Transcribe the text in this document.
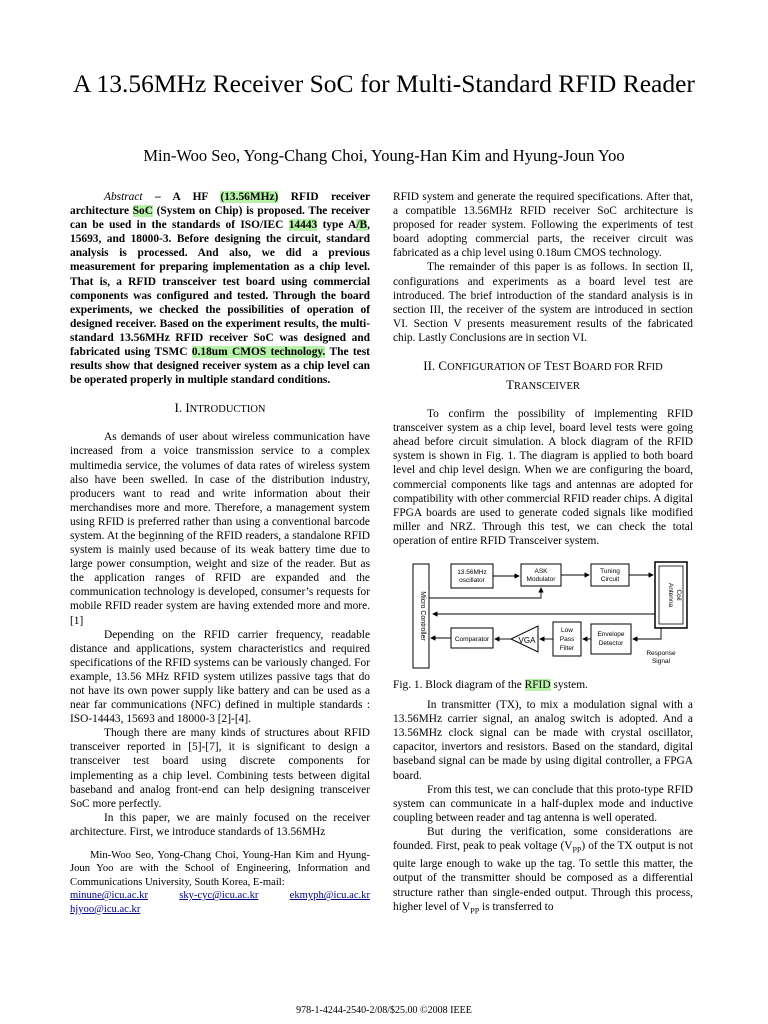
A 13.56MHz Receiver SoC for Multi-Standard RFID Reader
Min-Woo Seo, Yong-Chang Choi, Young-Han Kim and Hyung-Joun Yoo

Abstract – A HF (13.56MHz) RFID receiver architecture SoC (System on Chip) is proposed. The receiver can be used in the standards of ISO/IEC 14443 type A/B, 15693, and 18000-3. Before designing the circuit, standard analysis is processed. And also, we did a previous measurement for preparing implementation as a chip level. That is, a RFID transceiver test board using commercial components was configured and tested. Through the board experiments, we checked the possibilities of operation of designed receiver. Based on the experiment results, the multi-standard 13.56MHz RFID receiver SoC was designed and fabricated using TSMC 0.18um CMOS technology. The test results show that designed receiver system as a chip level can be operated properly in multiple standard conditions.

I. INTRODUCTION

As demands of user about wireless communication have increased from a voice transmission service to a complex multimedia service, the volumes of data rates of wireless system also have been swelled. In case of the distribution industry, producers want to read and write information about their merchandises more and more. Therefore, a management system using RFID is preferred rather than using a conventional barcode system. At the beginning of the RFID readers, a standalone RFID system is mainly used because of its weak battery time due to large power consumption, weight and size of the reader. But as the application ranges of RFID are expanded and the communication technology is developed, consumer’s requests for mobile RFID reader system are having extended more and more. [1]

Depending on the RFID carrier frequency, readable distance and applications, system characteristics and required specifications of the RFID systems can be variously changed. For example, 13.56 MHz RFID system utilizes passive tags that do not have its own power supply like battery and can be used as a near far communications (NFC) defined in multiple standards : ISO-14443, 15693 and 18000-3 [2]-[4].

Though there are many kinds of structures about RFID transceiver reported in [5]-[7], it is significant to design a transceiver test board using discrete components for implementing as a chip level. Combining tests between digital baseband and analog front-end can help designing transceiver SoC more perfectly.

In this paper, we are mainly focused on the receiver architecture. First, we introduce standards of 13.56MHz

Min-Woo Seo, Yong-Chang Choi, Young-Han Kim and Hyung-Joun Yoo are with the School of Engineering, Information and Communications University, South Korea, E-mail:

minune@icu.ac.kr	sky-cyc@icu.ac.kr	ekmyph@icu.ac.kr
hjyoo@icu.ac.kr

RFID system and generate the required specifications. After that, a compatible 13.56MHz RFID receiver SoC architecture is proposed for reader system. Following the experiments of test board adopting commercial parts, the receiver circuit was fabricated as a chip level using 0.18um CMOS technology.

The remainder of this paper is as follows. In section II, configurations and experiments as a board level test are introduced. The brief introduction of the standard analysis is in section III, the receiver of the system are introduced in section VI. Section V presents measurement results of the fabricated chip. Lastly Conclusions are in section VI.

II. CONFIGURATION OF TEST BOARD FOR RFID
TRANSCEIVER

To confirm the possibility of implementing RFID transceiver system as a chip level, board level tests were going ahead before circuit simulation. A block diagram of the RFID system is shown in Fig. 1. The diagram is applied to both board level and chip level design. When we are configuring the board, commercial components like tags and antennas are adopted for compatibility with other commercial RFID reader chips. A digital FPGA boards are used to generate coded signals like modified miller and NRZ. Through this test, we can check the total operation of entire RFID Transceiver system.

Micro Controller
13.56MHz oscillator
ASK
Modulator
Tuning
Circuit
Antenna Coil
Comparator	VGA
Low
Pass
Filter
Envelope
Detector
Response
Signal

Fig. 1. Block diagram of the RFID system.

In transmitter (TX), to mix a modulation signal with a 13.56MHz carrier signal, an analog switch is adopted. And a 13.56MHz clock signal can be made with crystal oscillator, capacitor, invertors and resistors. Based on the standard, digital baseband signal can be made by using digital controller, a FPGA board.

From this test, we can conclude that this proto-type RFID system can communicate in a half-duplex mode and inductive coupling between reader and tag antenna is well operated.

But during the verification, some considerations are founded. First, peak to peak voltage $(V_{PP})$ of the TX output is not quite large enough to wake up the tag. To settle this matter, the output of the transmitter should be composed as a differential structure rather than single-ended output. Through this process, higher level of $V_{PP}$ is transferred to

978-1-4244-2540-2/08/$25.00 ©2008 IEEE
